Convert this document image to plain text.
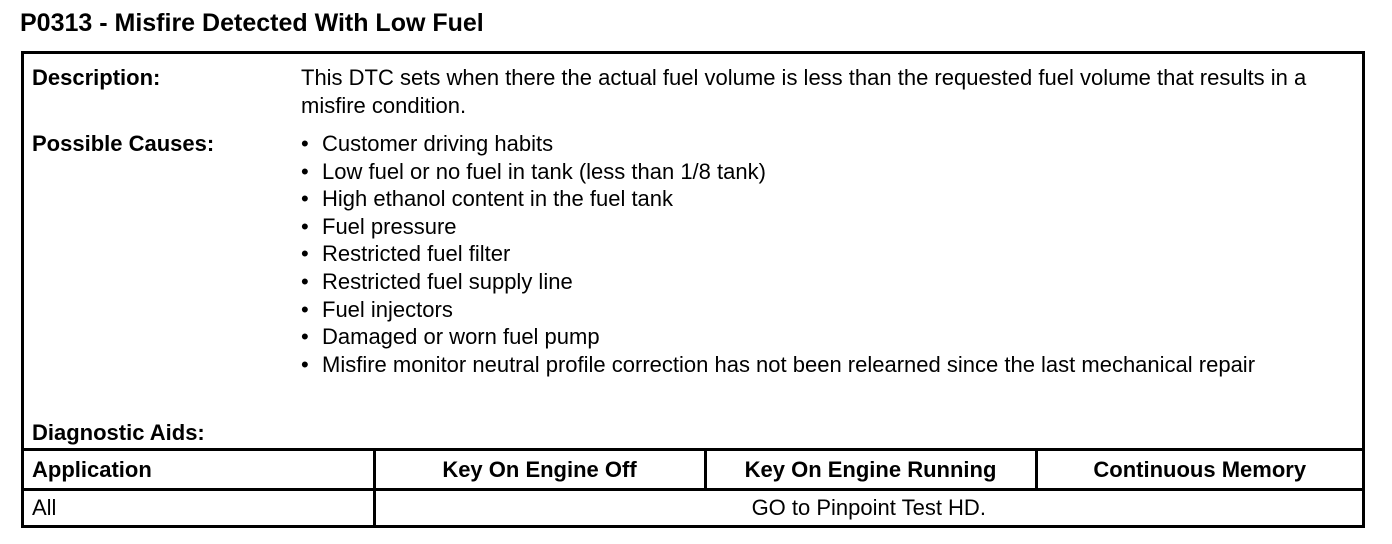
P0313 - Misfire Detected With Low Fuel
Description:	This DTC sets when there the actual fuel volume is less than the requested fuel volume that results in a misfire condition.
Possible Causes:	• Customer driving habits
• Low fuel or no fuel in tank (less than 1/8 tank)
• High ethanol content in the fuel tank
• Fuel pressure
• Restricted fuel filter
• Restricted fuel supply line
• Fuel injectors
• Damaged or worn fuel pump
• Misfire monitor neutral profile correction has not been relearned since the last mechanical repair
Diagnostic Aids:
Application	Key On Engine Off	Key On Engine Running	Continuous Memory
All	GO to Pinpoint Test HD.		
